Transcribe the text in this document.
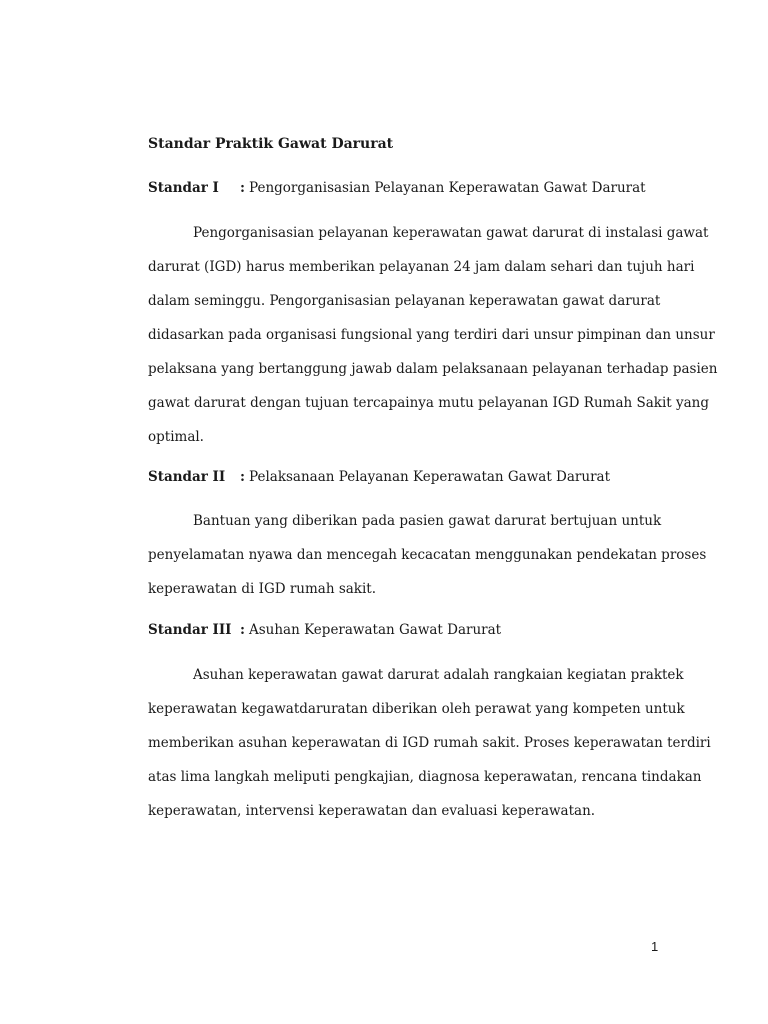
Standar Praktik Gawat Darurat
Standar I : Pengorganisasian Pelayanan Keperawatan Gawat Darurat
Pengorganisasian pelayanan keperawatan gawat darurat di instalasi gawat
darurat (IGD) harus memberikan pelayanan 24 jam dalam sehari dan tujuh hari
dalam seminggu. Pengorganisasian pelayanan keperawatan gawat darurat
didasarkan pada organisasi fungsional yang terdiri dari unsur pimpinan dan unsur
pelaksana yang bertanggung jawab dalam pelaksanaan pelayanan terhadap pasien
gawat darurat dengan tujuan tercapainya mutu pelayanan IGD Rumah Sakit yang
optimal.
Standar II : Pelaksanaan Pelayanan Keperawatan Gawat Darurat
Bantuan yang diberikan pada pasien gawat darurat bertujuan untuk
penyelamatan nyawa dan mencegah kecacatan menggunakan pendekatan proses
keperawatan di IGD rumah sakit.
Standar III : Asuhan Keperawatan Gawat Darurat
Asuhan keperawatan gawat darurat adalah rangkaian kegiatan praktek
keperawatan kegawatdaruratan diberikan oleh perawat yang kompeten untuk
memberikan asuhan keperawatan di IGD rumah sakit. Proses keperawatan terdiri
atas lima langkah meliputi pengkajian, diagnosa keperawatan, rencana tindakan
keperawatan, intervensi keperawatan dan evaluasi keperawatan.
1
